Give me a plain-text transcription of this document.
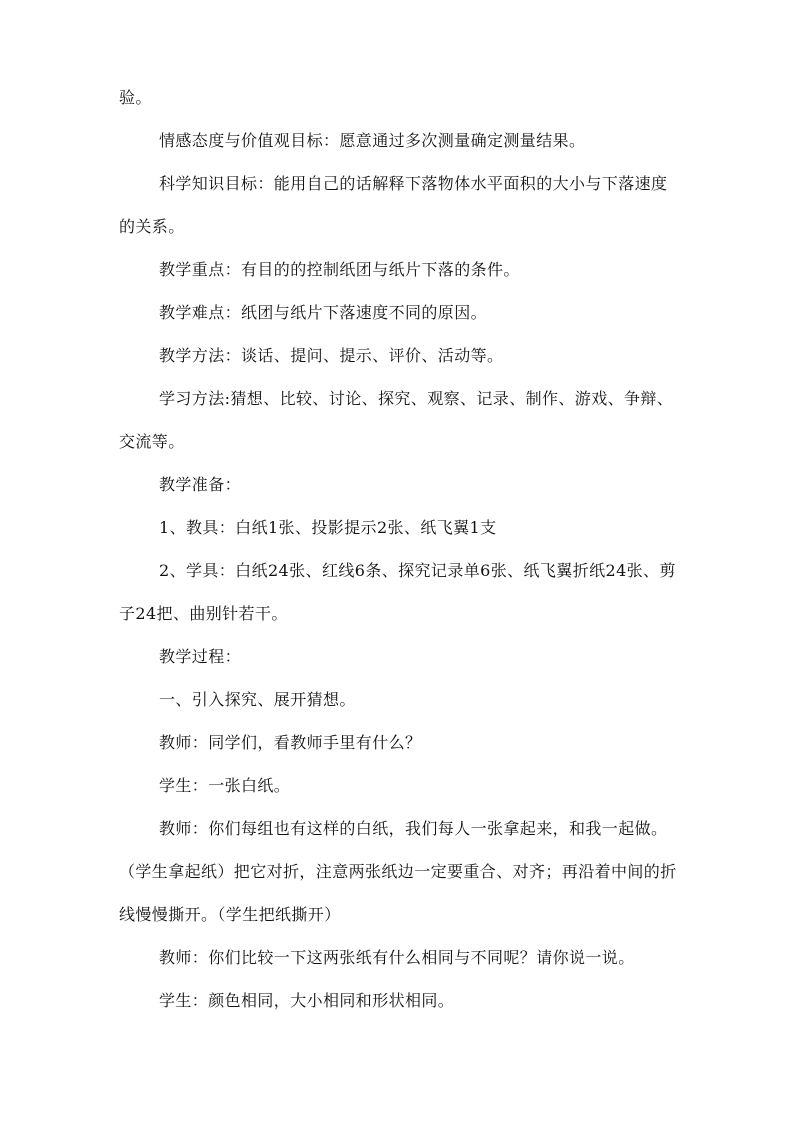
验。

情感态度与价值观目标：愿意通过多次测量确定测量结果。

科学知识目标：能用自己的话解释下落物体水平面积的大小与下落速度的关系。

教学重点：有目的的控制纸团与纸片下落的条件。

教学难点：纸团与纸片下落速度不同的原因。

教学方法：谈话、提问、提示、评价、活动等。

学习方法:猜想、比较、讨论、探究、观察、记录、制作、游戏、争辩、交流等。

教学准备：

1、教具：白纸1张、投影提示2张、纸飞翼1支

2、学具：白纸24张、红线6条、探究记录单6张、纸飞翼折纸24张、剪子24把、曲别针若干。

教学过程：

一、引入探究、展开猜想。

教师：同学们，看教师手里有什么？

学生：一张白纸。

教师：你们每组也有这样的白纸，我们每人一张拿起来，和我一起做。（学生拿起纸）把它对折，注意两张纸边一定要重合、对齐；再沿着中间的折线慢慢撕开。（学生把纸撕开）

教师：你们比较一下这两张纸有什么相同与不同呢？请你说一说。

学生：颜色相同，大小相同和形状相同。
